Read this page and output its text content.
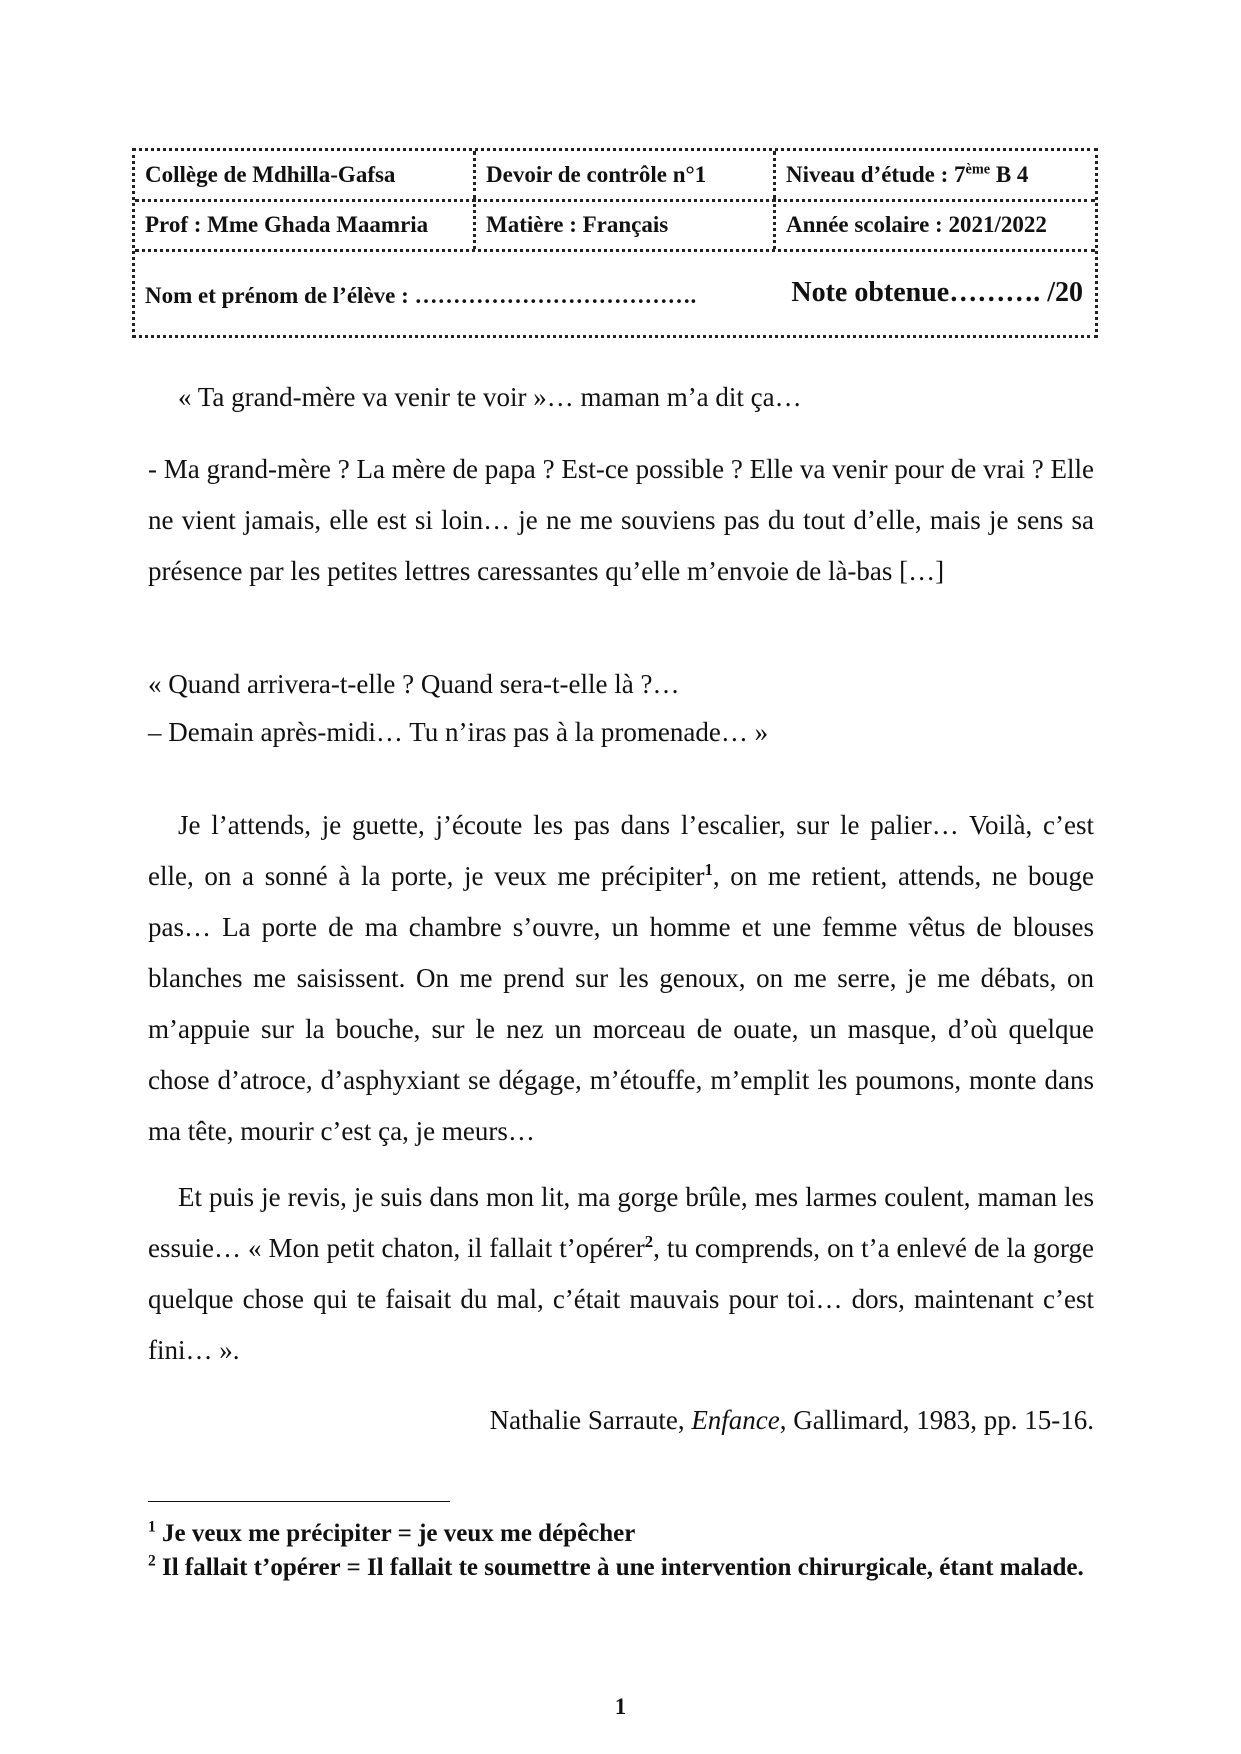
Collège de Mdhilla-Gafsa	Devoir de contrôle n°1	Niveau d’étude : 7ème B 4
Prof : Mme Ghada Maamria	Matière : Français	Année scolaire : 2021/2022
Nom et prénom de l’élève : ……………………………….	Note obtenue………. /20
« Ta grand-mère va venir te voir »… maman m’a dit ça…
- Ma grand-mère ? La mère de papa ? Est-ce possible ? Elle va venir pour de vrai ? Elle ne vient jamais, elle est si loin… je ne me souviens pas du tout d’elle, mais je sens sa présence par les petites lettres caressantes qu’elle m’envoie de là-bas […]
« Quand arrivera-t-elle ? Quand sera-t-elle là ?…
– Demain après-midi… Tu n’iras pas à la promenade… »
Je l’attends, je guette, j’écoute les pas dans l’escalier, sur le palier… Voilà, c’est elle, on a sonné à la porte, je veux me précipiter$^1$, on me retient, attends, ne bouge pas… La porte de ma chambre s’ouvre, un homme et une femme vêtus de blouses blanches me saisissent. On me prend sur les genoux, on me serre, je me débats, on m’appuie sur la bouche, sur le nez un morceau de ouate, un masque, d’où quelque chose d’atroce, d’asphyxiant se dégage, m’étouffe, m’emplit les poumons, monte dans ma tête, mourir c’est ça, je meurs…
Et puis je revis, je suis dans mon lit, ma gorge brûle, mes larmes coulent, maman les essuie… « Mon petit chaton, il fallait t’opérer$^2$, tu comprends, on t’a enlevé de la gorge quelque chose qui te faisait du mal, c’était mauvais pour toi… dors, maintenant c’est fini… ».
Nathalie Sarraute, Enfance, Gallimard, 1983, pp. 15-16.
$^1$ Je veux me précipiter = je veux me dépêcher
$^2$ Il fallait t’opérer = Il fallait te soumettre à une intervention chirurgicale, étant malade.
1
